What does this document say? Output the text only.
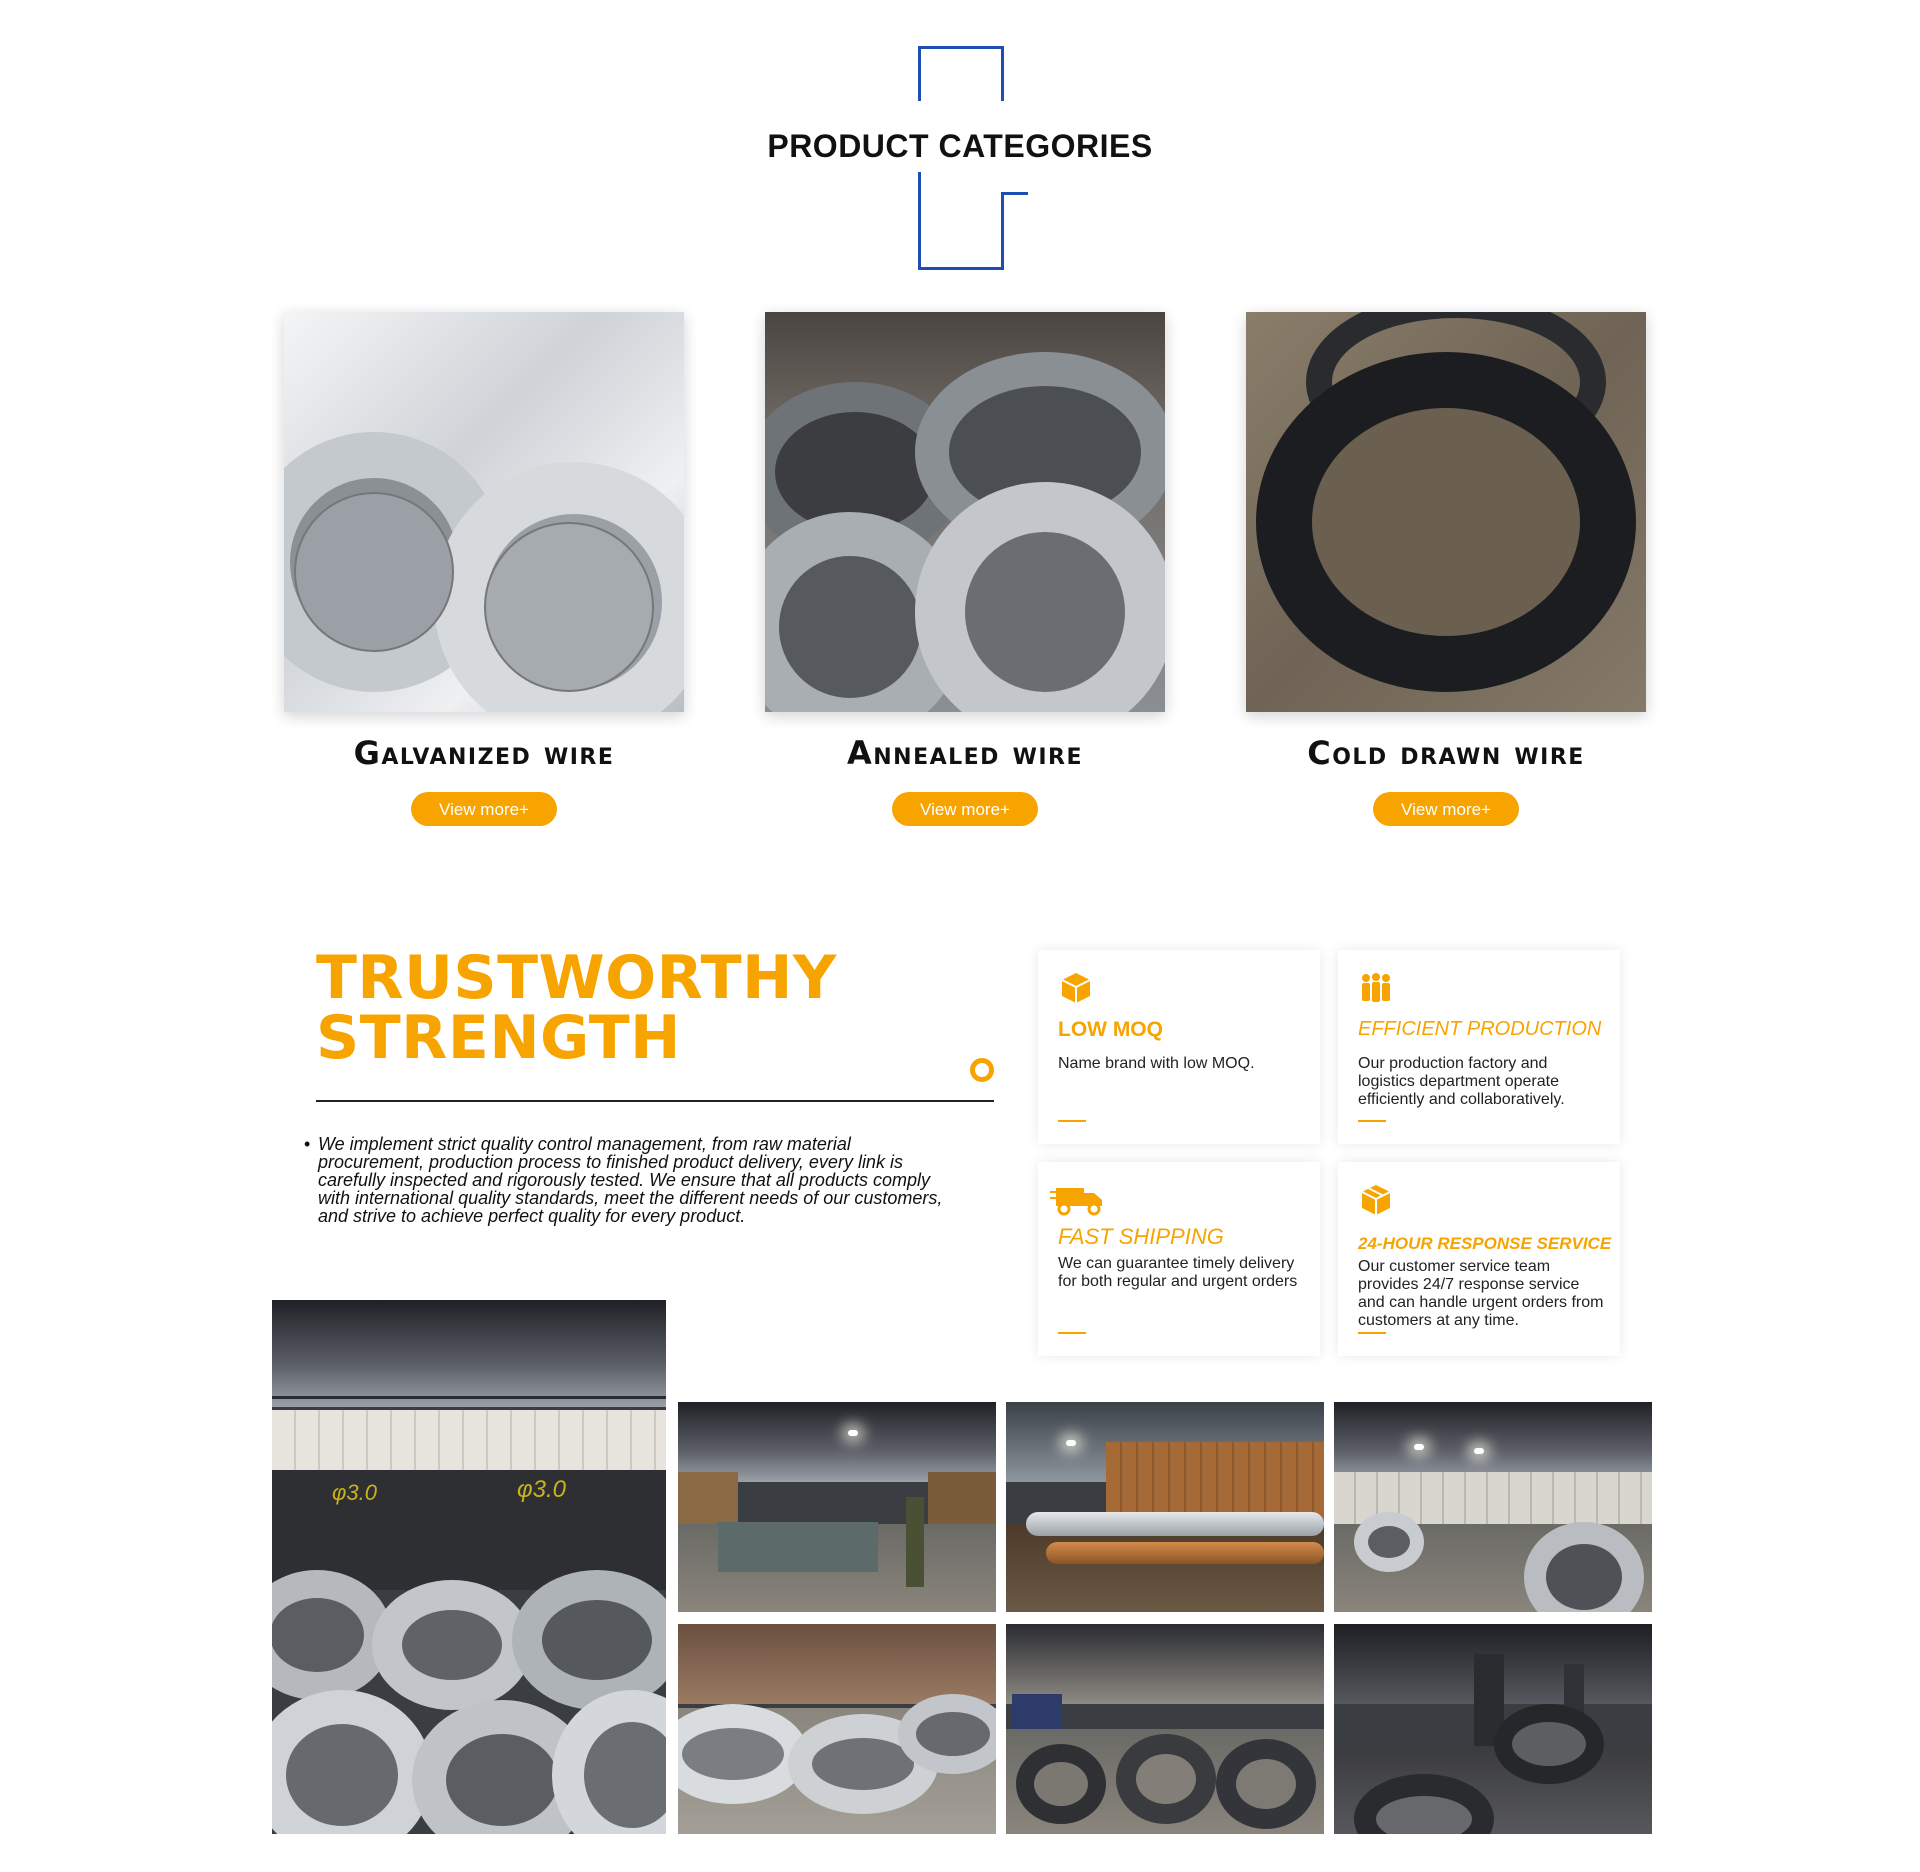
PRODUCT CATEGORIES
Galvanized wire
View more+
Annealed wire
View more+
Cold drawn wire
View more+
TRUSTWORTHY
STRENGTH
• We implement strict quality control management, from raw material procurement, production process to finished product delivery, every link is carefully inspected and rigorously tested. We ensure that all products comply with international quality standards, meet the different needs of our customers, and strive to achieve perfect quality for every product.
LOW MOQ
Name brand with low MOQ.
EFFICIENT PRODUCTION
Our production factory and logistics department operate efficiently and collaboratively.
FAST SHIPPING
We can guarantee timely delivery for both regular and urgent orders
24-HOUR RESPONSE SERVICE
Our customer service team provides 24/7 response service and can handle urgent orders from customers at any time.
φ3.0	φ3.0
